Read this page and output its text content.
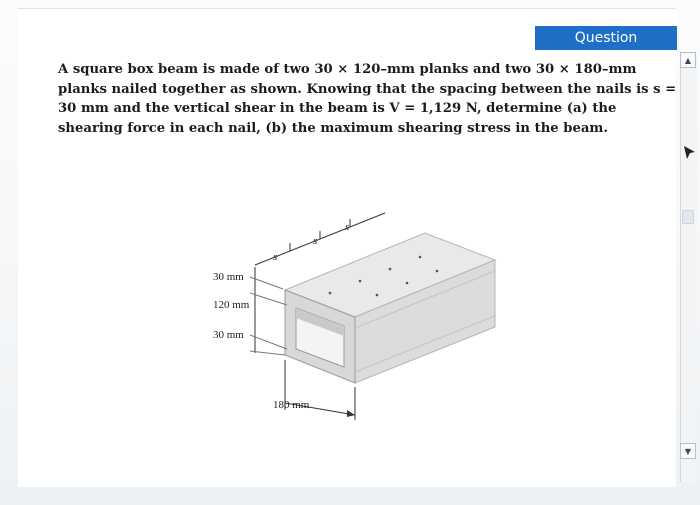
Question

A square box beam is made of two 30 × 120–mm planks and two 30 × 180–mm planks nailed together as shown. Knowing that the spacing between the nails is s = 30 mm and the vertical shear in the beam is V = 1,129 N, determine (a) the shearing force in each nail, (b) the maximum shearing stress in the beam.

▲
▼
30 mm
120 mm
30 mm
180 mm
s
s
s
